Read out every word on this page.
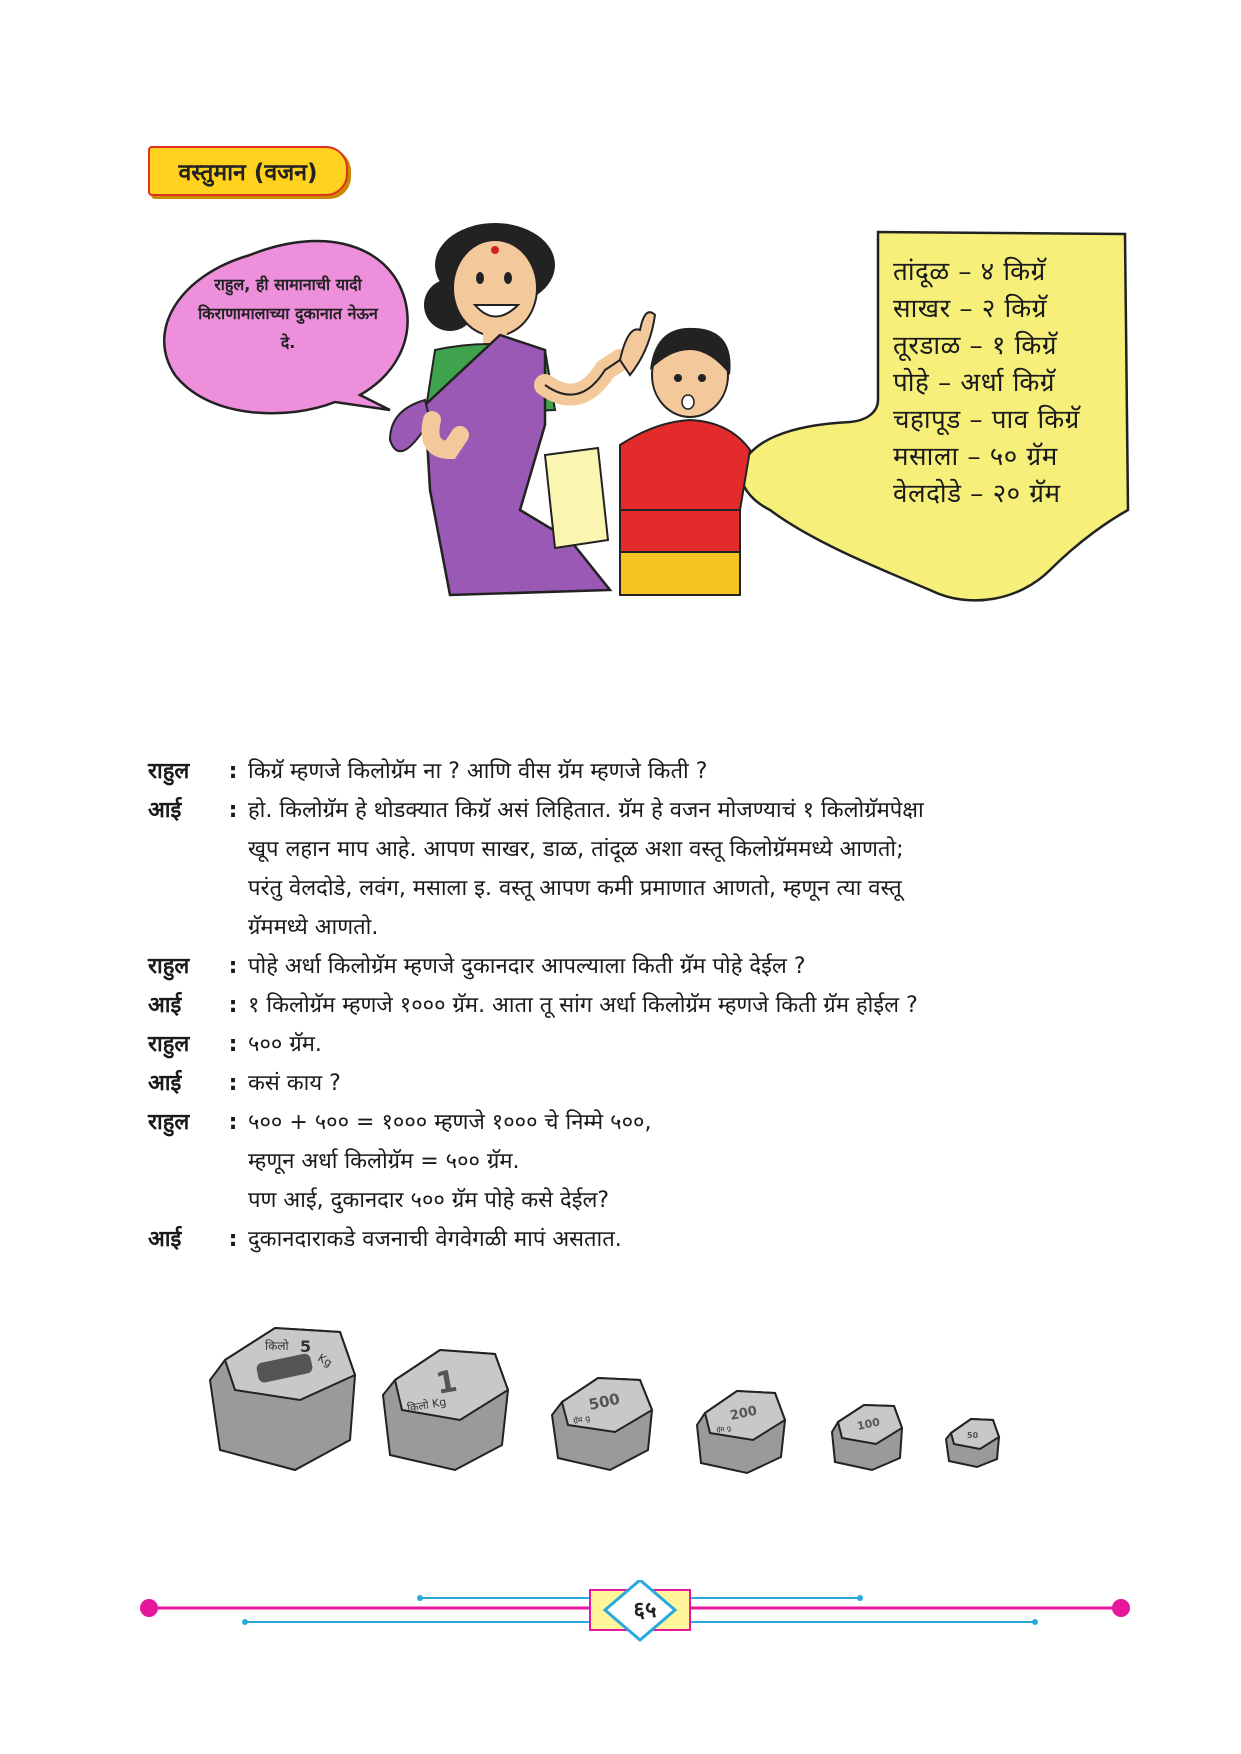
वस्तुमान (वजन)
राहुल, ही सामानाची यादी किराणामालाच्या दुकानात नेऊन दे.
तांदूळ – ४ किग्रॅ
साखर – २ किग्रॅ
तूरडाळ – १ किग्रॅ
पोहे – अर्धा किग्रॅ
चहापूड – पाव किग्रॅ
मसाला – ५० ग्रॅम
वेलदोडे – २० ग्रॅम
राहुल	: किग्रॅ म्हणजे किलोग्रॅम ना ? आणि वीस ग्रॅम म्हणजे किती ?
आई	: हो. किलोग्रॅम हे थोडक्यात किग्रॅ असं लिहितात. ग्रॅम हे वजन मोजण्याचं १ किलोग्रॅमपेक्षा
खूप लहान माप आहे. आपण साखर, डाळ, तांदूळ अशा वस्तू किलोग्रॅममध्ये आणतो;
परंतु वेलदोडे, लवंग, मसाला इ. वस्तू आपण कमी प्रमाणात आणतो, म्हणून त्या वस्तू
ग्रॅममध्ये आणतो.
राहुल	: पोहे अर्धा किलोग्रॅम म्हणजे दुकानदार आपल्याला किती ग्रॅम पोहे देईल ?
आई	: १ किलोग्रॅम म्हणजे १००० ग्रॅम. आता तू सांग अर्धा किलोग्रॅम म्हणजे किती ग्रॅम होईल ?
राहुल	: ५०० ग्रॅम.
आई	: कसं काय ?
राहुल	: ५०० + ५०० = १००० म्हणजे १००० चे निम्मे ५००,
म्हणून अर्धा किलोग्रॅम = ५०० ग्रॅम.
पण आई, दुकानदार ५०० ग्रॅम पोहे कसे देईल?
आई	: दुकानदाराकडे वजनाची वेगवेगळी मापं असतात.
किलो 5
Kg
1
किलो Kg	500
ग्रॅम g	200
ग्रॅम g	100
50
६५
